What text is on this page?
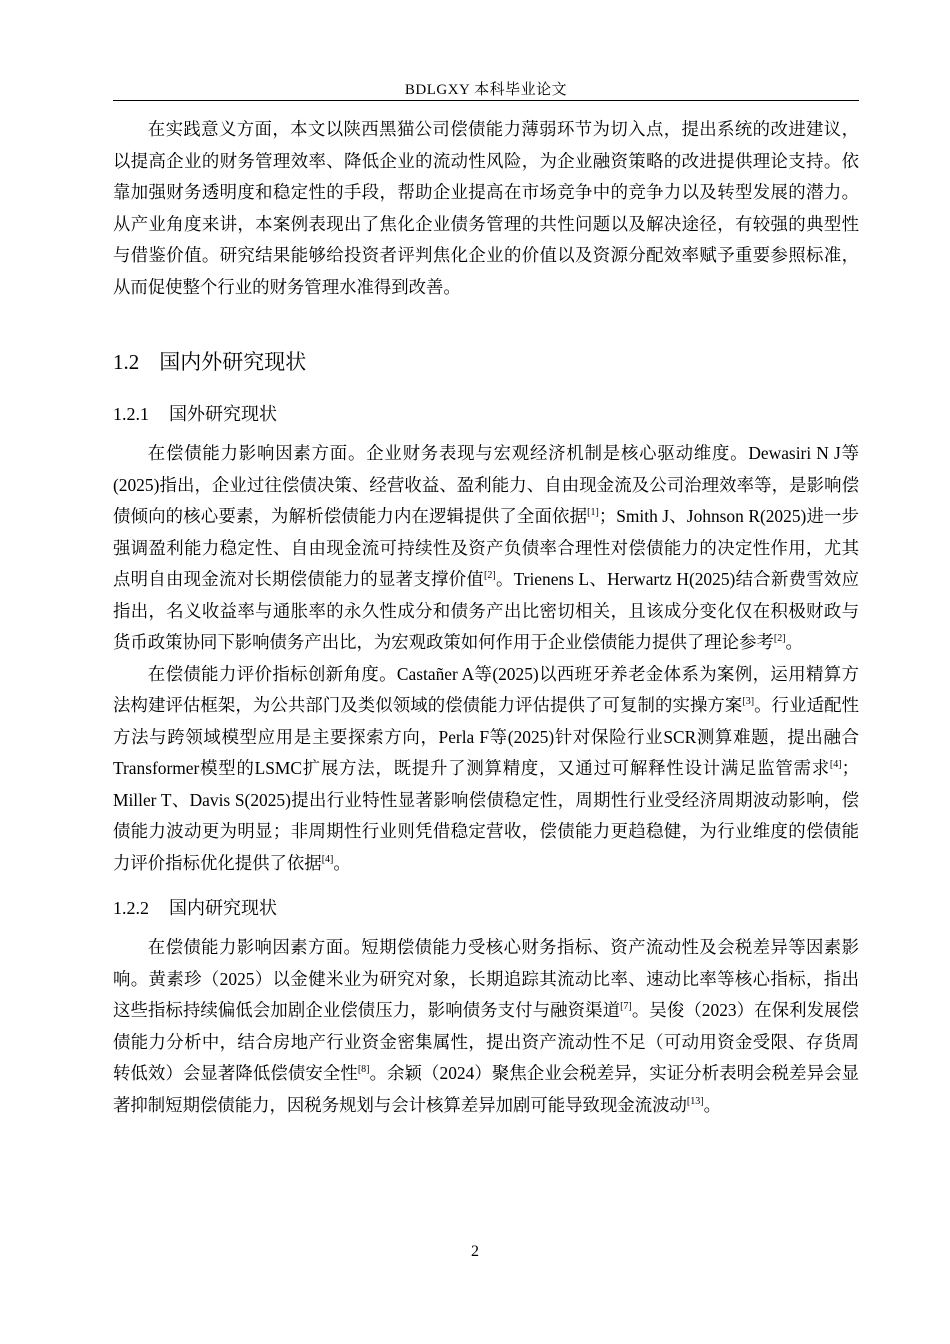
BDLGXY 本科毕业论文

在实践意义方面，本文以陕西黑猫公司偿债能力薄弱环节为切入点，提出系统的改进建议，以提高企业的财务管理效率、降低企业的流动性风险，为企业融资策略的改进提供理论支持。依靠加强财务透明度和稳定性的手段，帮助企业提高在市场竞争中的竞争力以及转型发展的潜力。从产业角度来讲，本案例表现出了焦化企业债务管理的共性问题以及解决途径，有较强的典型性与借鉴价值。研究结果能够给投资者评判焦化企业的价值以及资源分配效率赋予重要参照标准，从而促使整个行业的财务管理水准得到改善。

1.2 国内外研究现状
1.2.1 国外研究现状

在偿债能力影响因素方面。企业财务表现与宏观经济机制是核心驱动维度。Dewasiri N J等(2025)指出，企业过往偿债决策、经营收益、盈利能力、自由现金流及公司治理效率等，是影响偿债倾向的核心要素，为解析偿债能力内在逻辑提供了全面依据[1]；Smith J、Johnson R(2025)进一步强调盈利能力稳定性、自由现金流可持续性及资产负债率合理性对偿债能力的决定性作用，尤其点明自由现金流对长期偿债能力的显著支撑价值[2]。Trienens L、Herwartz H(2025)结合新费雪效应指出，名义收益率与通胀率的永久性成分和债务产出比密切相关，且该成分变化仅在积极财政与货币政策协同下影响债务产出比，为宏观政策如何作用于企业偿债能力提供了理论参考[2]。

在偿债能力评价指标创新角度。Castañer A等(2025)以西班牙养老金体系为案例，运用精算方法构建评估框架，为公共部门及类似领域的偿债能力评估提供了可复制的实操方案[3]。行业适配性方法与跨领域模型应用是主要探索方向，Perla F等(2025)针对保险行业SCR测算难题，提出融合Transformer模型的LSMC扩展方法，既提升了测算精度，又通过可解释性设计满足监管需求[4]；Miller T、Davis S(2025)提出行业特性显著影响偿债稳定性，周期性行业受经济周期波动影响，偿债能力波动更为明显；非周期性行业则凭借稳定营收，偿债能力更趋稳健，为行业维度的偿债能力评价指标优化提供了依据[4]。

1.2.2 国内研究现状

在偿债能力影响因素方面。短期偿债能力受核心财务指标、资产流动性及会税差异等因素影响。黄素珍（2025）以金健米业为研究对象，长期追踪其流动比率、速动比率等核心指标，指出这些指标持续偏低会加剧企业偿债压力，影响债务支付与融资渠道[7]。吴俊（2023）在保利发展偿债能力分析中，结合房地产行业资金密集属性，提出资产流动性不足（可动用资金受限、存货周转低效）会显著降低偿债安全性[8]。余颖（2024）聚焦企业会税差异，实证分析表明会税差异会显著抑制短期偿债能力，因税务规划与会计核算差异加剧可能导致现金流波动[13]。

2
